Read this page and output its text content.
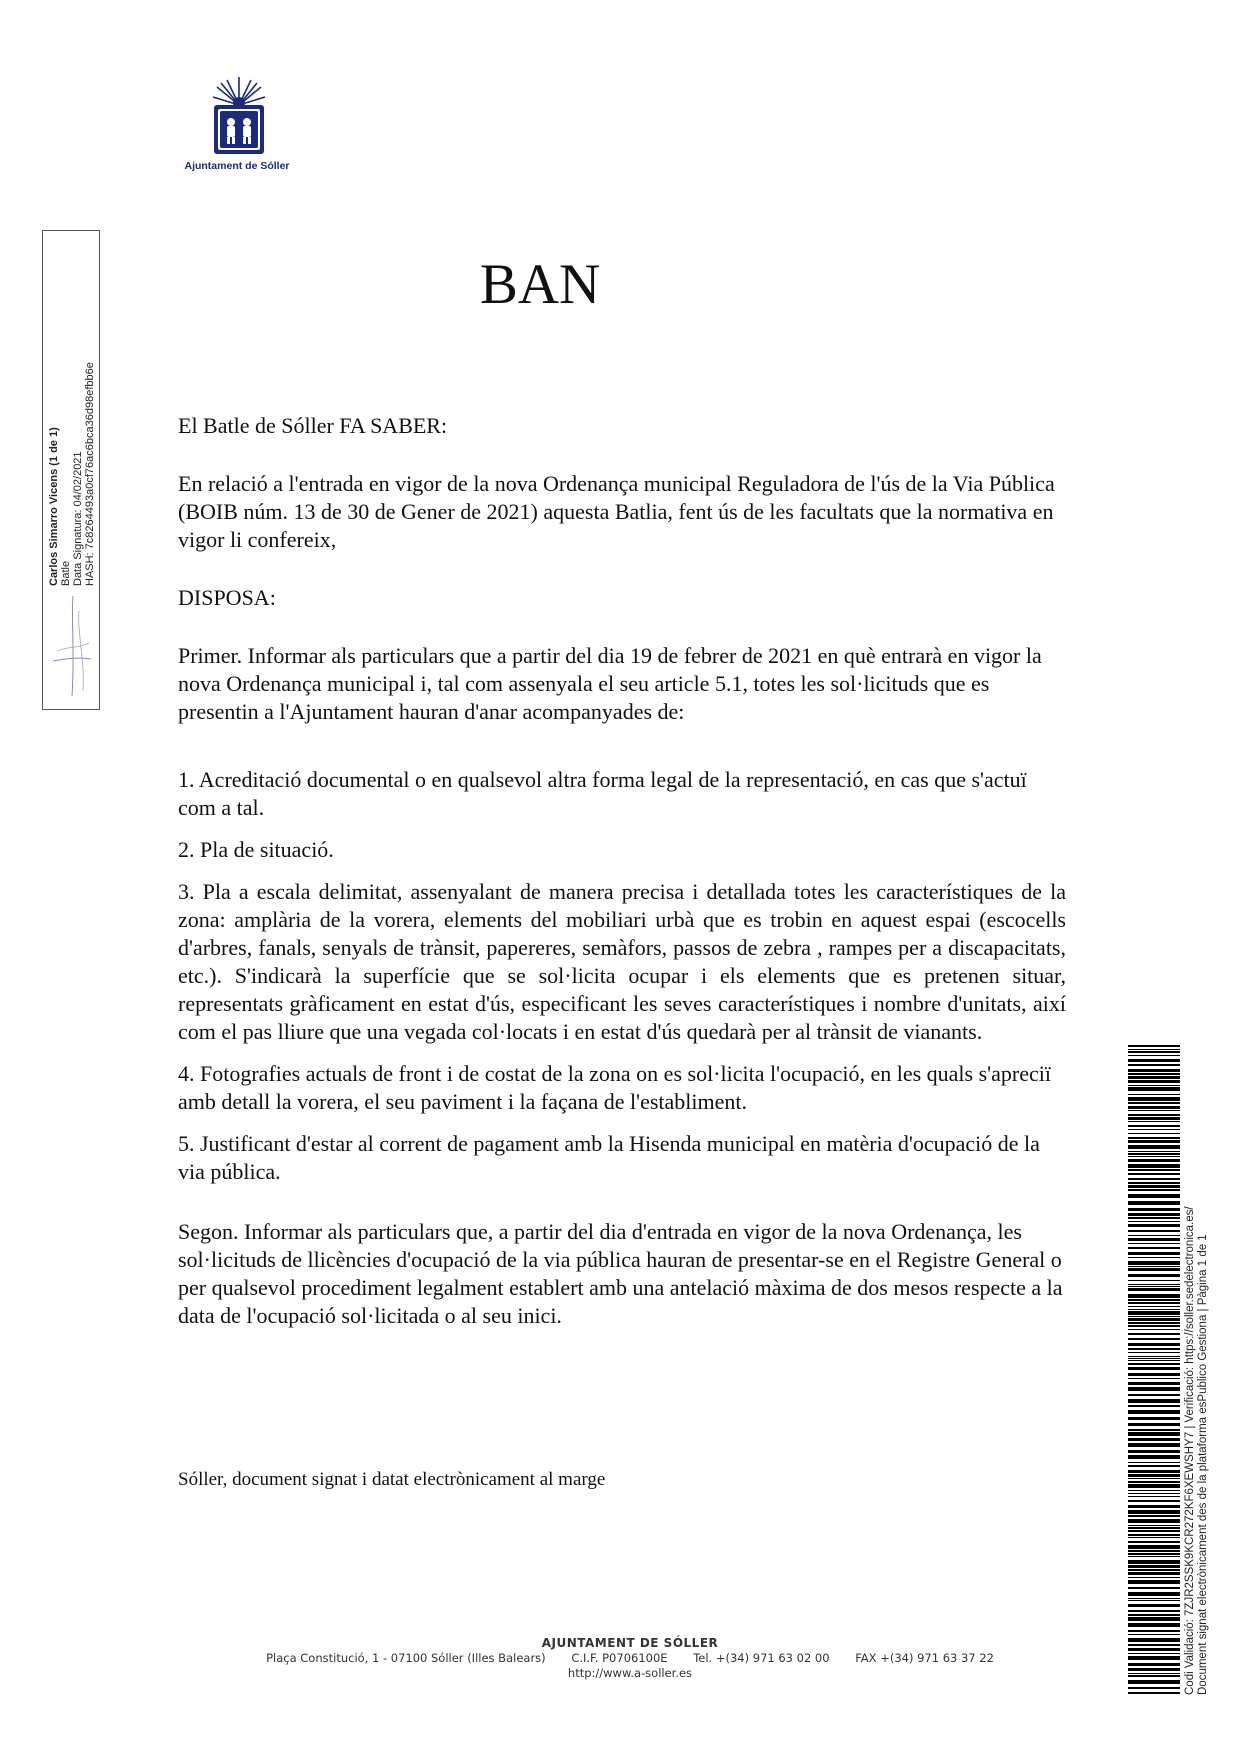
Ajuntament de Sóller
Carlos Simarro Vicens (1 de 1) Batle Data Signatura: 04/02/2021 HASH: 7c8264493a0cf76ac6bca36d98efbb6e
BAN

El Batle de Sóller FA SABER:

En relació a l'entrada en vigor de la nova Ordenança municipal Reguladora de l'ús de la Via Pública (BOIB núm. 13 de 30 de Gener de 2021) aquesta Batlia, fent ús de les facultats que la normativa en vigor li confereix,

DISPOSA:

Primer. Informar als particulars que a partir del dia 19 de febrer de 2021 en què entrarà en vigor la nova Ordenança municipal i, tal com assenyala el seu article 5.1, totes les sol·licituds que es presentin a l'Ajuntament hauran d'anar acompanyades de:

1. Acreditació documental o en qualsevol altra forma legal de la representació, en cas que s'actuï com a tal.

2. Pla de situació.

3. Pla a escala delimitat, assenyalant de manera precisa i detallada totes les característiques de la zona: amplària de la vorera, elements del mobiliari urbà que es trobin en aquest espai (escocells d'arbres, fanals, senyals de trànsit, papereres, semàfors, passos de zebra , rampes per a discapacitats, etc.). S'indicarà la superfície que se sol·licita ocupar i els elements que es pretenen situar, representats gràficament en estat d'ús, especificant les seves característiques i nombre d'unitats, així com el pas lliure que una vegada col·locats i en estat d'ús quedarà per al trànsit de vianants.

4. Fotografies actuals de front i de costat de la zona on es sol·licita l'ocupació, en les quals s'apreciï amb detall la vorera, el seu paviment i la façana de l'establiment.

5. Justificant d'estar al corrent de pagament amb la Hisenda municipal en matèria d'ocupació de la via pública.

Segon. Informar als particulars que, a partir del dia d'entrada en vigor de la nova Ordenança, les sol·licituds de llicències d'ocupació de la via pública hauran de presentar-se en el Registre General o per qualsevol procediment legalment establert amb una antelació màxima de dos mesos respecte a la data de l'ocupació sol·licitada o al seu inici.

Sóller, document signat i datat electrònicament al marge
AJUNTAMENT DE SÓLLER
Plaça Constitució, 1 - 07100 Sóller (Illes Balears) C.I.F. P0706100E Tel. +(34) 971 63 02 00 FAX +(34) 971 63 37 22
http://www.a-soller.es	Codi Validació: 7ZJR2SSK9KCR272KF6XEWSHY7 | Verificació: https://soller.sedelectronica.es/ Document signat electrònicament des de la plataforma esPublico Gestiona | Pàgina 1 de 1
